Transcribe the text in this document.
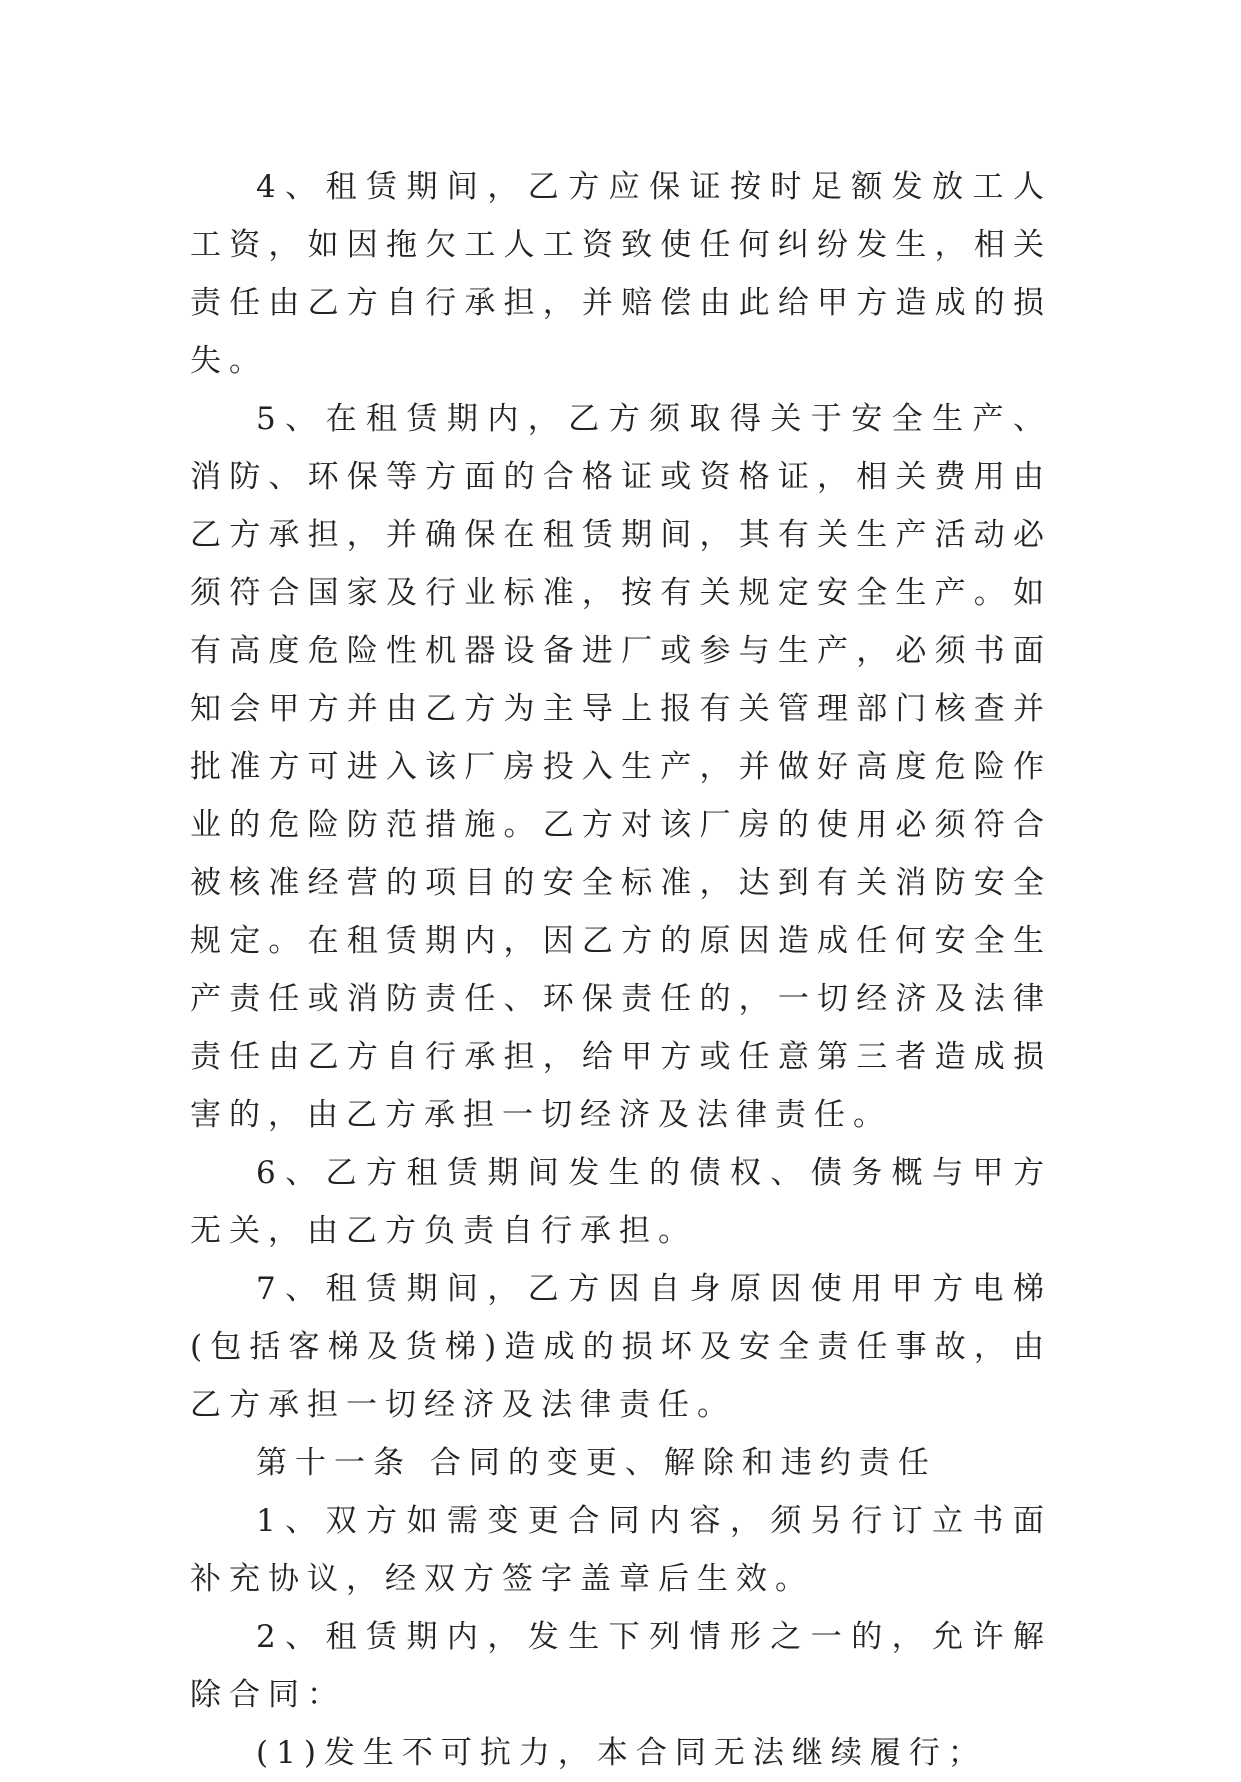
4、租赁期间，乙方应保证按时足额发放工人工资，如因拖欠工人工资致使任何纠纷发生，相关责任由乙方自行承担，并赔偿由此给甲方造成的损失。

5、在租赁期内，乙方须取得关于安全生产、消防、环保等方面的合格证或资格证，相关费用由乙方承担，并确保在租赁期间，其有关生产活动必须符合国家及行业标准，按有关规定安全生产。如有高度危险性机器设备进厂或参与生产，必须书面知会甲方并由乙方为主导上报有关管理部门核查并批准方可进入该厂房投入生产，并做好高度危险作业的危险防范措施。乙方对该厂房的使用必须符合被核准经营的项目的安全标准，达到有关消防安全规定。在租赁期内，因乙方的原因造成任何安全生产责任或消防责任、环保责任的，一切经济及法律责任由乙方自行承担，给甲方或任意第三者造成损害的，由乙方承担一切经济及法律责任。

6、乙方租赁期间发生的债权、债务概与甲方无关，由乙方负责自行承担。

7、租赁期间，乙方因自身原因使用甲方电梯(包括客梯及货梯)造成的损坏及安全责任事故，由乙方承担一切经济及法律责任。

第十一条 合同的变更、解除和违约责任

1、双方如需变更合同内容，须另行订立书面补充协议，经双方签字盖章后生效。

2、租赁期内，发生下列情形之一的，允许解除合同：

(1)发生不可抗力，本合同无法继续履行；
